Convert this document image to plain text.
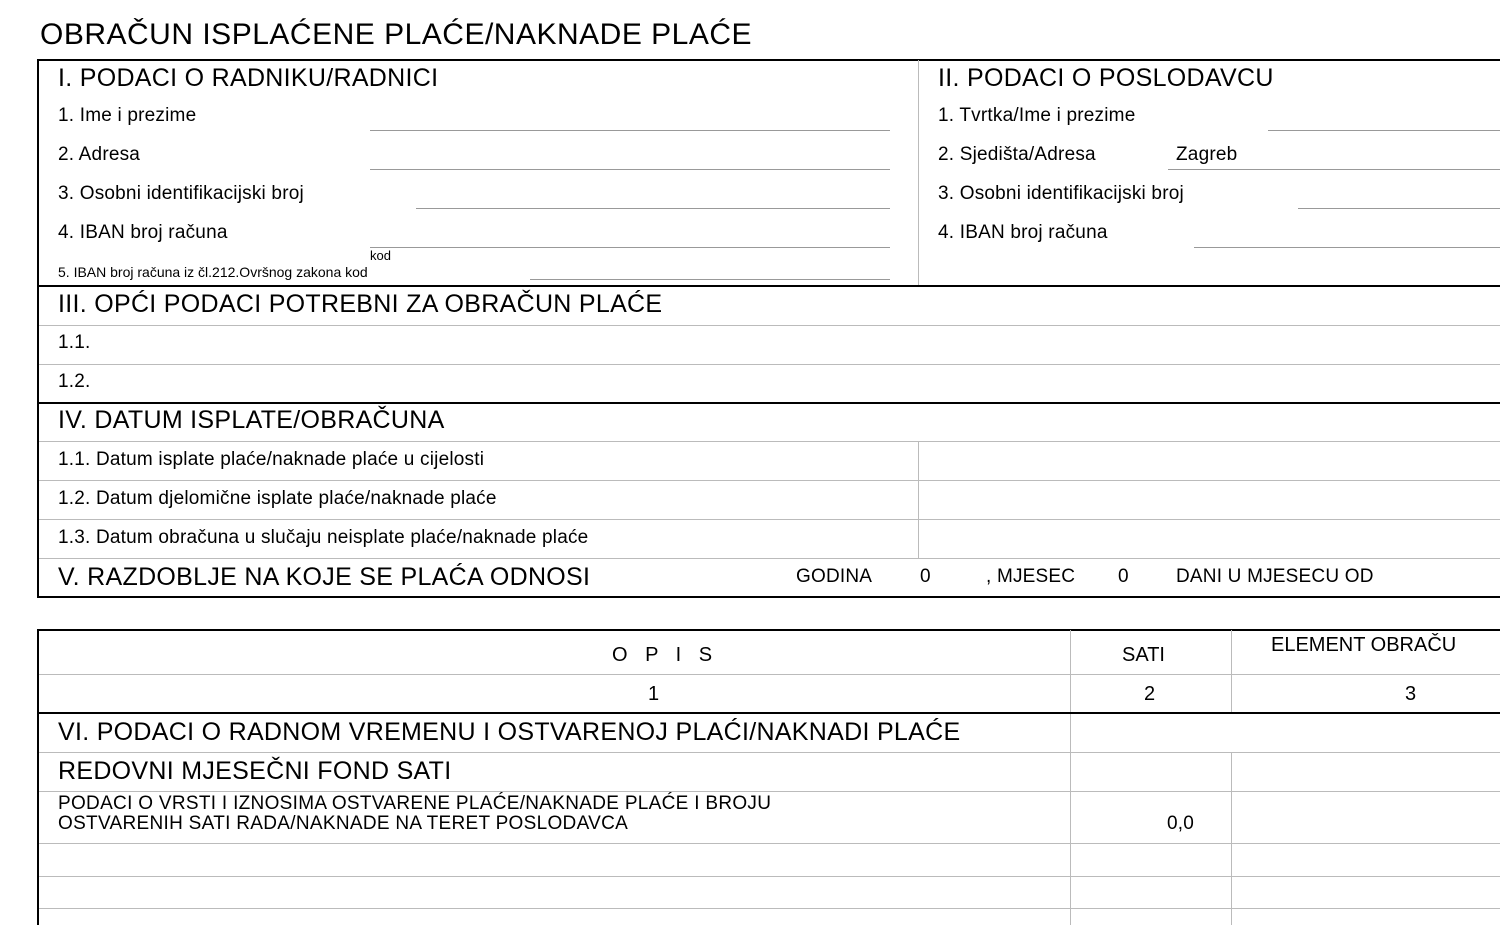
OBRAČUN ISPLAĆENE PLAĆE/NAKNADE PLAĆE
I. PODACI O RADNIKU/RADNICI
1. Ime i prezime
2. Adresa
3. Osobni identifikacijski broj
4. IBAN broj računa
kod
5. IBAN broj računa iz čl.212.Ovršnog zakona kod
II. PODACI O POSLODAVCU
1. Tvrtka/Ime i prezime
2. Sjedišta/Adresa	Zagreb
3. Osobni identifikacijski broj
4. IBAN broj računa
III. OPĆI PODACI POTREBNI ZA OBRAČUN PLAĆE
1.1.
1.2.
IV. DATUM ISPLATE/OBRAČUNA
1.1. Datum isplate plaće/naknade plaće u cijelosti
1.2. Datum djelomične isplate plaće/naknade plaće
1.3. Datum obračuna u slučaju neisplate plaće/naknade plaće
V. RAZDOBLJE NA KOJE SE PLAĆA ODNOSI	GODINA	0	, MJESEC 0 DANI U MJESECU OD
O P I S	SATI	ELEMENT OBRAČU
1	2	3
VI. PODACI O RADNOM VREMENU I OSTVARENOJ PLAĆI/NAKNADI PLAĆE
REDOVNI MJESEČNI FOND SATI
PODACI O VRSTI I IZNOSIMA OSTVARENE PLAĆE/NAKNADE PLAĆE I BROJU
OSTVARENIH SATI RADA/NAKNADE NA TERET POSLODAVCA	0,0
